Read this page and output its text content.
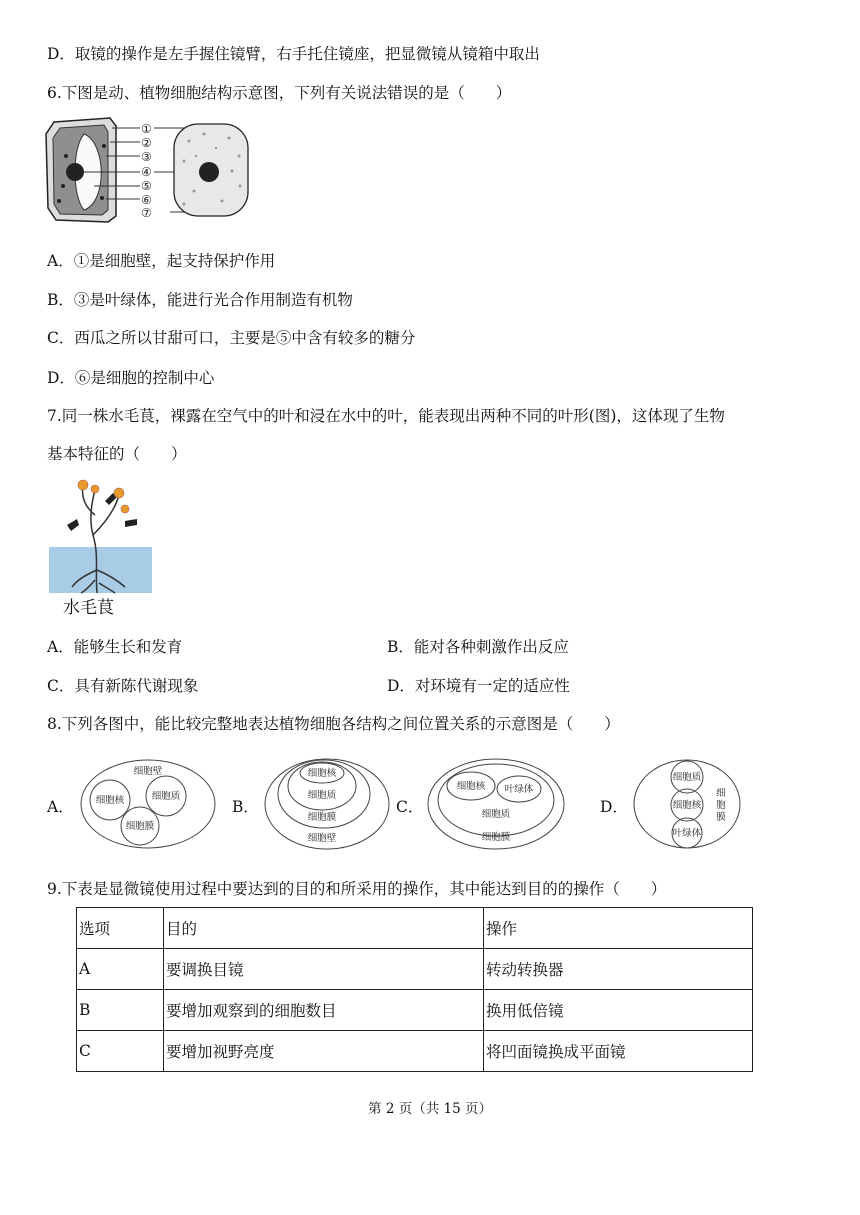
D．取镜的操作是左手握住镜臂，右手托住镜座，把显微镜从镜箱中取出
6.下图是动、植物细胞结构示意图，下列有关说法错误的是（　　）
①
②
③
④
⑤
⑥
⑦
A．①是细胞壁，起支持保护作用
B．③是叶绿体，能进行光合作用制造有机物
C．西瓜之所以甘甜可口，主要是⑤中含有较多的糖分
D．⑥是细胞的控制中心
7.同一株水毛茛，裸露在空气中的叶和浸在水中的叶，能表现出两种不同的叶形(图)，这体现了生物
基本特征的（　　）
水毛茛
A．能够生长和发育	B．能对各种刺激作出反应
C．具有新陈代谢现象	D．对环境有一定的适应性
8.下列各图中，能比较完整地表达植物细胞各结构之间位置关系的示意图是（　　）
A．	B．	C．	D．
细胞壁
细胞核	细胞质
细胞膜
细胞核
细胞质
细胞膜
细胞壁
细胞核 叶绿体
细胞质
细胞膜
细胞质
细胞核
叶绿体
细
胞
膜
9.下表是显微镜使用过程中要达到的目的和所采用的操作，其中能达到目的的操作（　　）
选项	目的	操作
A	要调换目镜	转动转换器
B	要增加观察到的细胞数目	换用低倍镜
C	要增加视野亮度	将凹面镜换成平面镜
第 2 页（共 15 页）
